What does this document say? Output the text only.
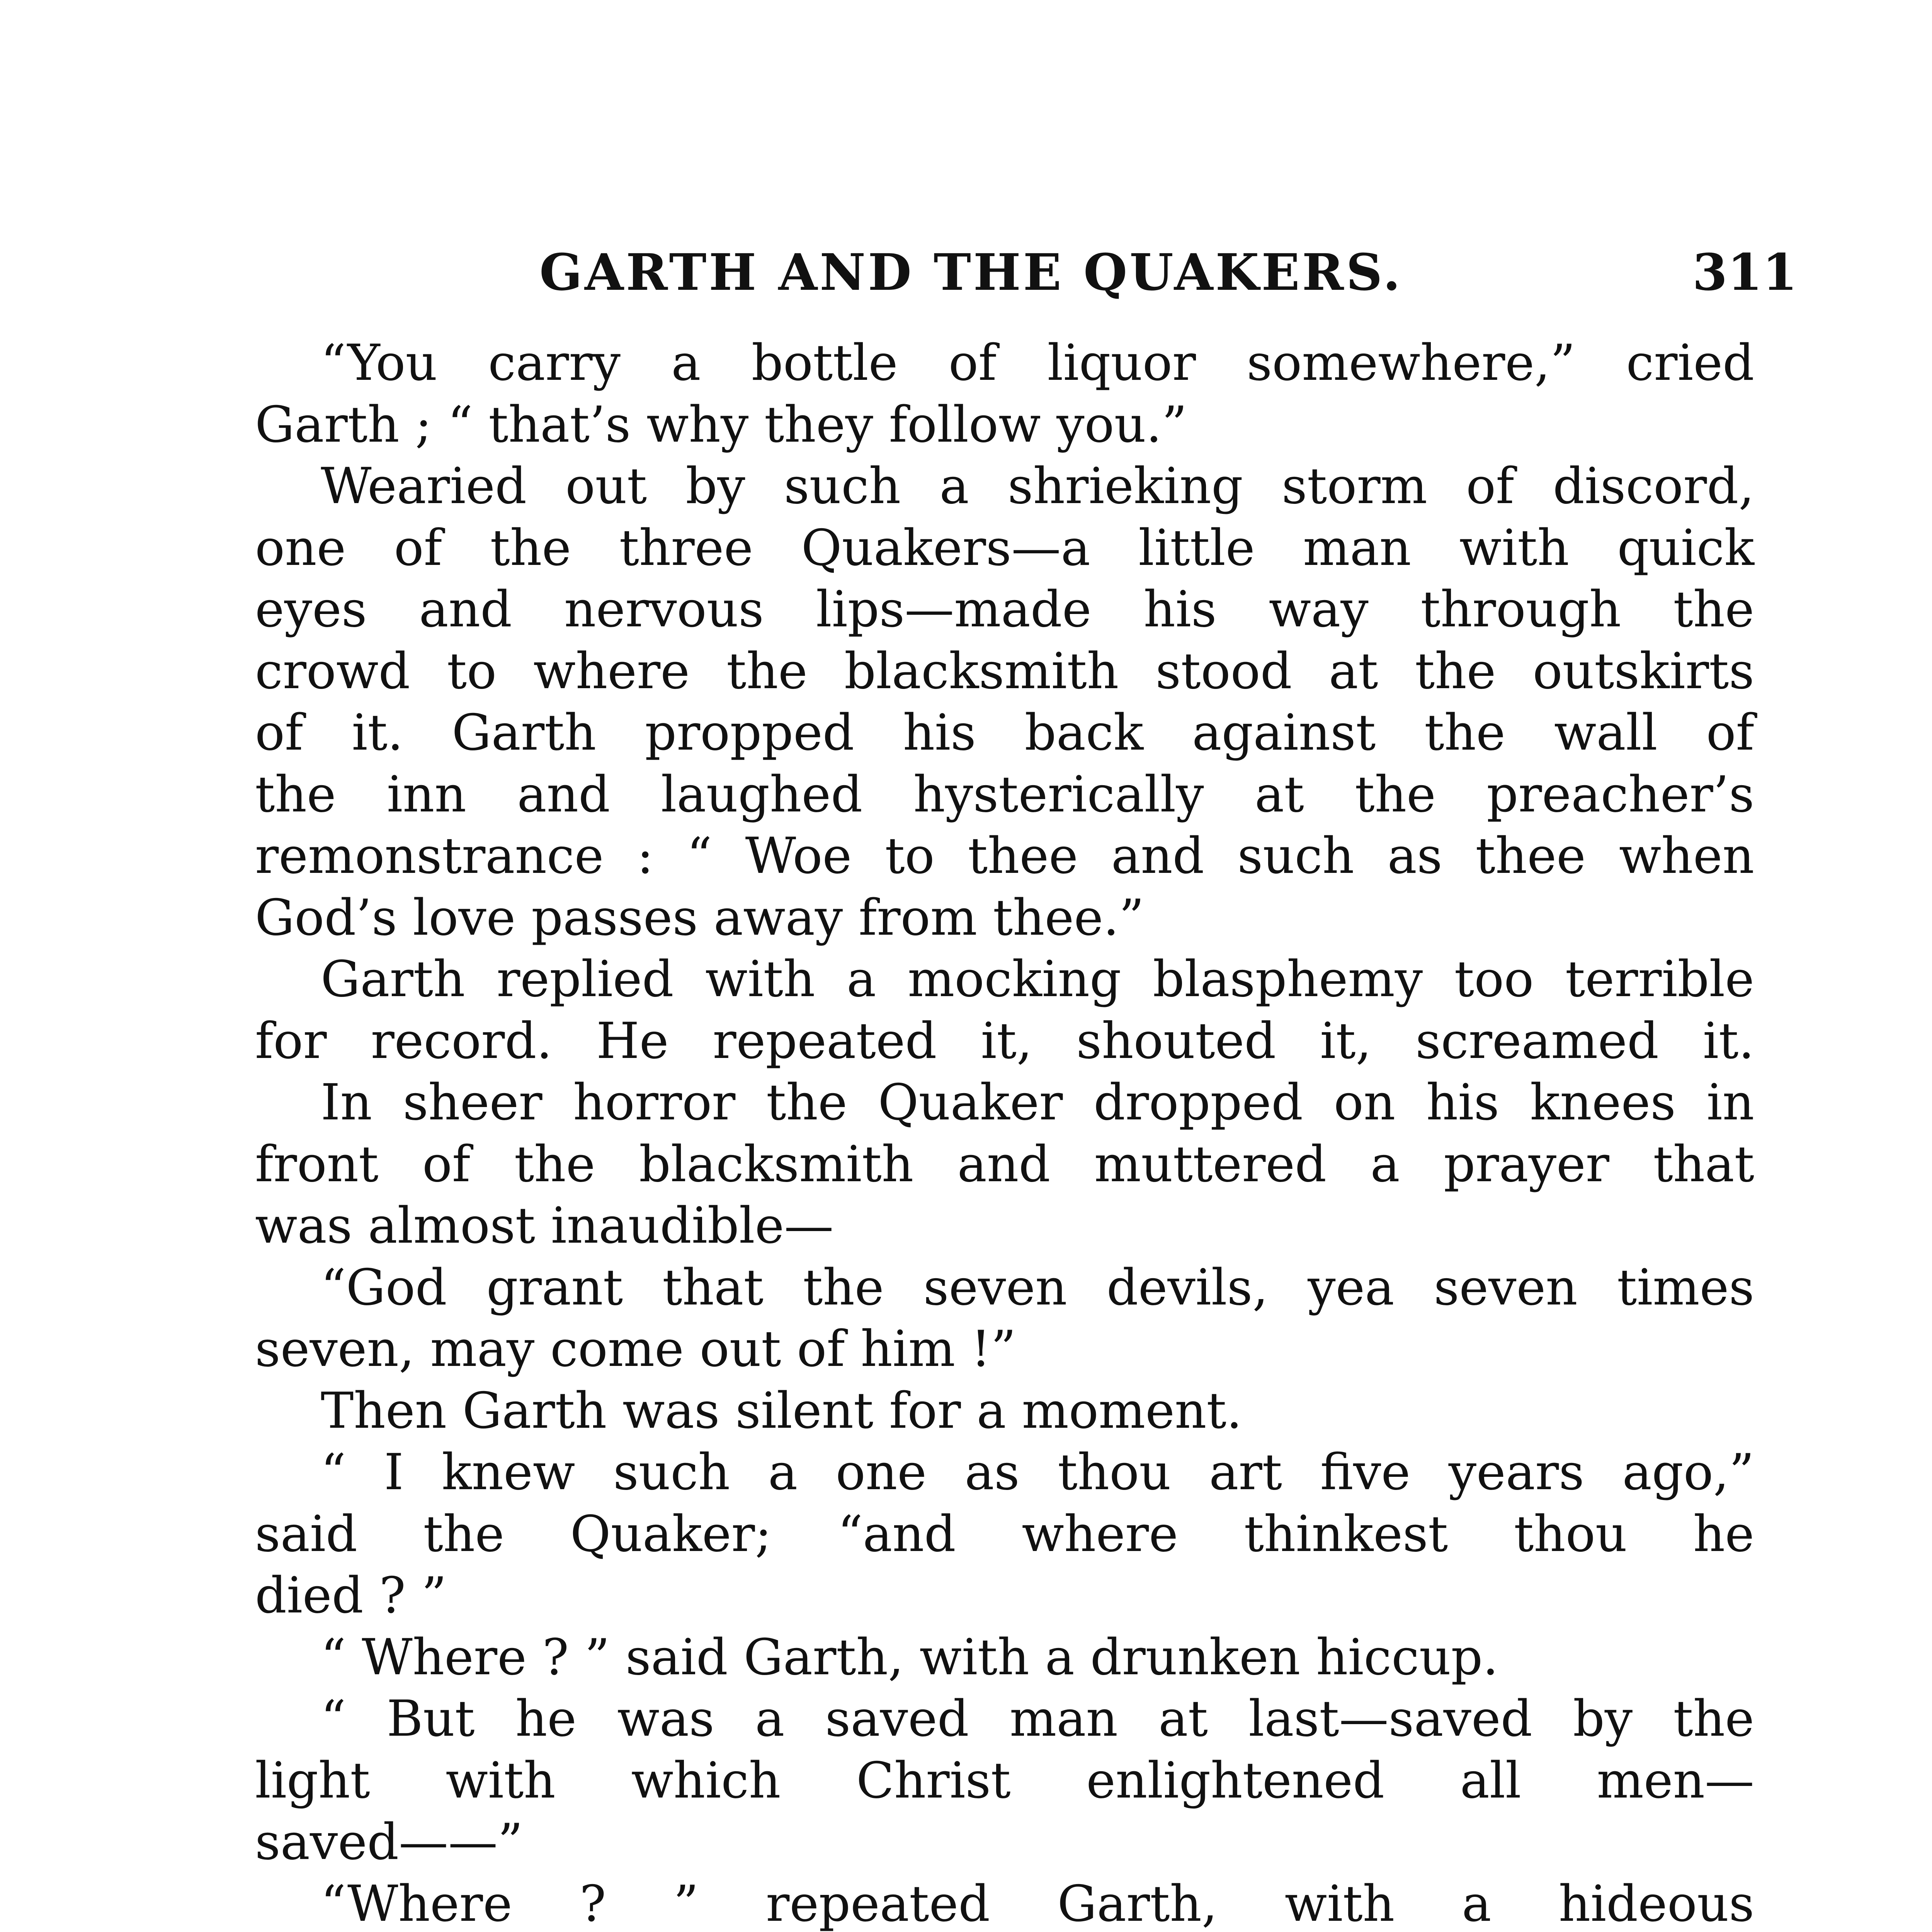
GARTH AND THE QUAKERS.	311
“You carry a bottle of liquor somewhere,” cried
Garth ; “ that’s why they follow you.”
Wearied out by such a shrieking storm of discord,
one of the three Quakers—a little man with quick
eyes and nervous lips—made his way through the
crowd to where the blacksmith stood at the outskirts
of it. Garth propped his back against the wall of
the inn and laughed hysterically at the preacher’s
remonstrance : “ Woe to thee and such as thee when
God’s love passes away from thee.”
Garth replied with a mocking blasphemy too terrible
for record. He repeated it, shouted it, screamed it.
In sheer horror the Quaker dropped on his knees in
front of the blacksmith and muttered a prayer that
was almost inaudible—
“God grant that the seven devils, yea seven times
seven, may come out of him !”
Then Garth was silent for a moment.
“ I knew such a one as thou art five years ago,”
said the Quaker; “and where thinkest thou he
died ? ”
“ Where ? ” said Garth, with a drunken hiccup.
“ But he was a saved man at last—saved by the
light with which Christ enlightened all men—
saved——”
“Where ? ” repeated Garth, with a hideous
